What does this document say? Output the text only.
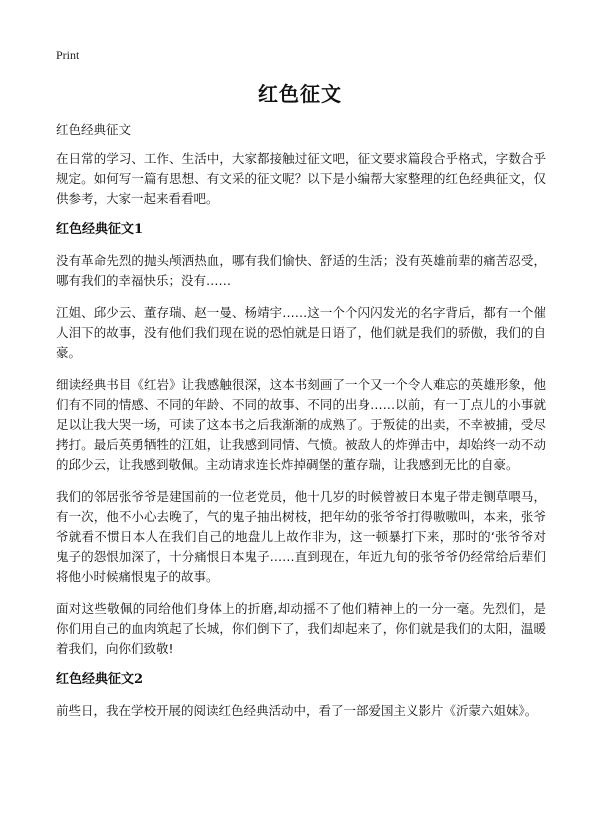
Print
红色征文
红色经典征文

在日常的学习、工作、生活中，大家都接触过征文吧，征文要求篇段合乎格式，字数合乎规定。如何写一篇有思想、有文采的征文呢？以下是小编帮大家整理的红色经典征文，仅供参考，大家一起来看看吧。

红色经典征文1

没有革命先烈的抛头颅洒热血，哪有我们愉快、舒适的生活；没有英雄前辈的痛苦忍受，哪有我们的幸福快乐；没有……

江姐、邱少云、董存瑞、赵一曼、杨靖宇……这一个个闪闪发光的名字背后，都有一个催人泪下的故事，没有他们我们现在说的恐怕就是日语了，他们就是我们的骄傲，我们的自豪。

细读经典书目《红岩》让我感触很深，这本书刻画了一个又一个令人难忘的英雄形象，他们有不同的情感、不同的年龄、不同的故事、不同的出身……以前，有一丁点儿的小事就足以让我大哭一场，可读了这本书之后我渐渐的成熟了。于叛徒的出卖，不幸被捕，受尽拷打。最后英勇牺牲的江姐，让我感到同情、气愤。被敌人的炸弹击中，却始终一动不动的邱少云，让我感到敬佩。主动请求连长炸掉碉堡的董存瑞，让我感到无比的自豪。

我们的邻居张爷爷是建国前的一位老党员，他十几岁的时候曾被日本鬼子带走铡草喂马，有一次，他不小心去晚了，气的鬼子抽出树枝，把年幼的张爷爷打得嗷嗷叫，本来，张爷爷就看不惯日本人在我们自己的地盘儿上故作非为，这一顿暴打下来，那时的‘张爷爷对鬼子的怨恨加深了，十分痛恨日本鬼子……直到现在，年近九旬的张爷爷仍经常给后辈们将他小时候痛恨鬼子的故事。

面对这些敬佩的同给他们身体上的折磨,却动摇不了他们精神上的一分一毫。先烈们，是你们用自己的血肉筑起了长城，你们倒下了，我们却起来了，你们就是我们的太阳，温暖着我们，向你们致敬!

红色经典征文2

前些日，我在学校开展的阅读红色经典活动中，看了一部爱国主义影片《沂蒙六姐妹》。
